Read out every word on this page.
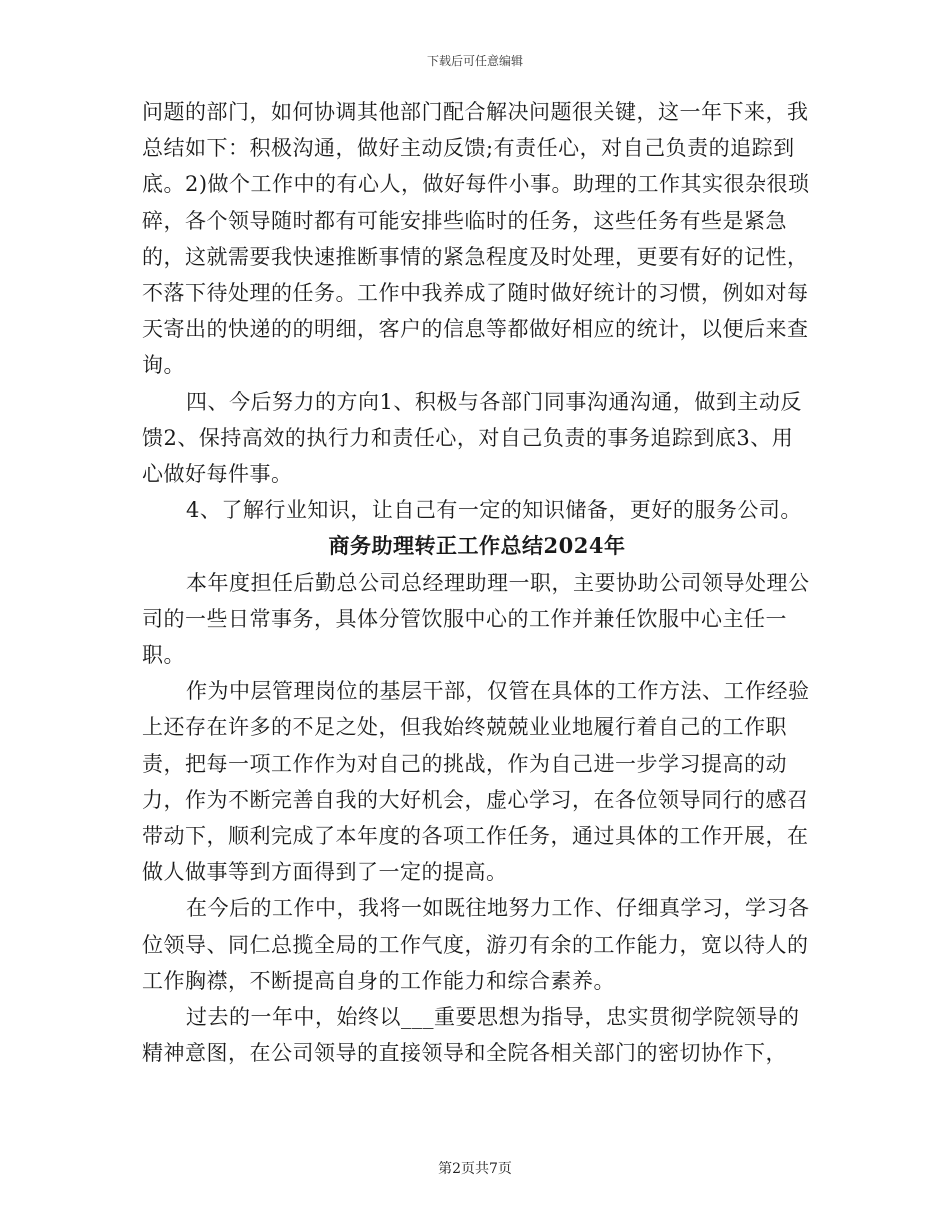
下载后可任意编辑

问题的部门，如何协调其他部门配合解决问题很关键，这一年下来，我总结如下：积极沟通，做好主动反馈;有责任心，对自己负责的追踪到底。2)做个工作中的有心人，做好每件小事。助理的工作其实很杂很琐碎，各个领导随时都有可能安排些临时的任务，这些任务有些是紧急的，这就需要我快速推断事情的紧急程度及时处理，更要有好的记性，不落下待处理的任务。工作中我养成了随时做好统计的习惯，例如对每天寄出的快递的的明细，客户的信息等都做好相应的统计，以便后来查询。

四、今后努力的方向1、积极与各部门同事沟通沟通，做到主动反馈2、保持高效的执行力和责任心，对自己负责的事务追踪到底3、用心做好每件事。

4、了解行业知识，让自己有一定的知识储备，更好的服务公司。

商务助理转正工作总结2024年

本年度担任后勤总公司总经理助理一职，主要协助公司领导处理公司的一些日常事务，具体分管饮服中心的工作并兼任饮服中心主任一职。

作为中层管理岗位的基层干部，仅管在具体的工作方法、工作经验上还存在许多的不足之处，但我始终兢兢业业地履行着自己的工作职责，把每一项工作作为对自己的挑战，作为自己进一步学习提高的动力，作为不断完善自我的大好机会，虚心学习，在各位领导同行的感召带动下，顺利完成了本年度的各项工作任务，通过具体的工作开展，在做人做事等到方面得到了一定的提高。

在今后的工作中，我将一如既往地努力工作、仔细真学习，学习各位领导、同仁总揽全局的工作气度，游刃有余的工作能力，宽以待人的工作胸襟，不断提高自身的工作能力和综合素养。

过去的一年中，始终以___重要思想为指导，忠实贯彻学院领导的精神意图，在公司领导的直接领导和全院各相关部门的密切协作下，

第2页共7页
